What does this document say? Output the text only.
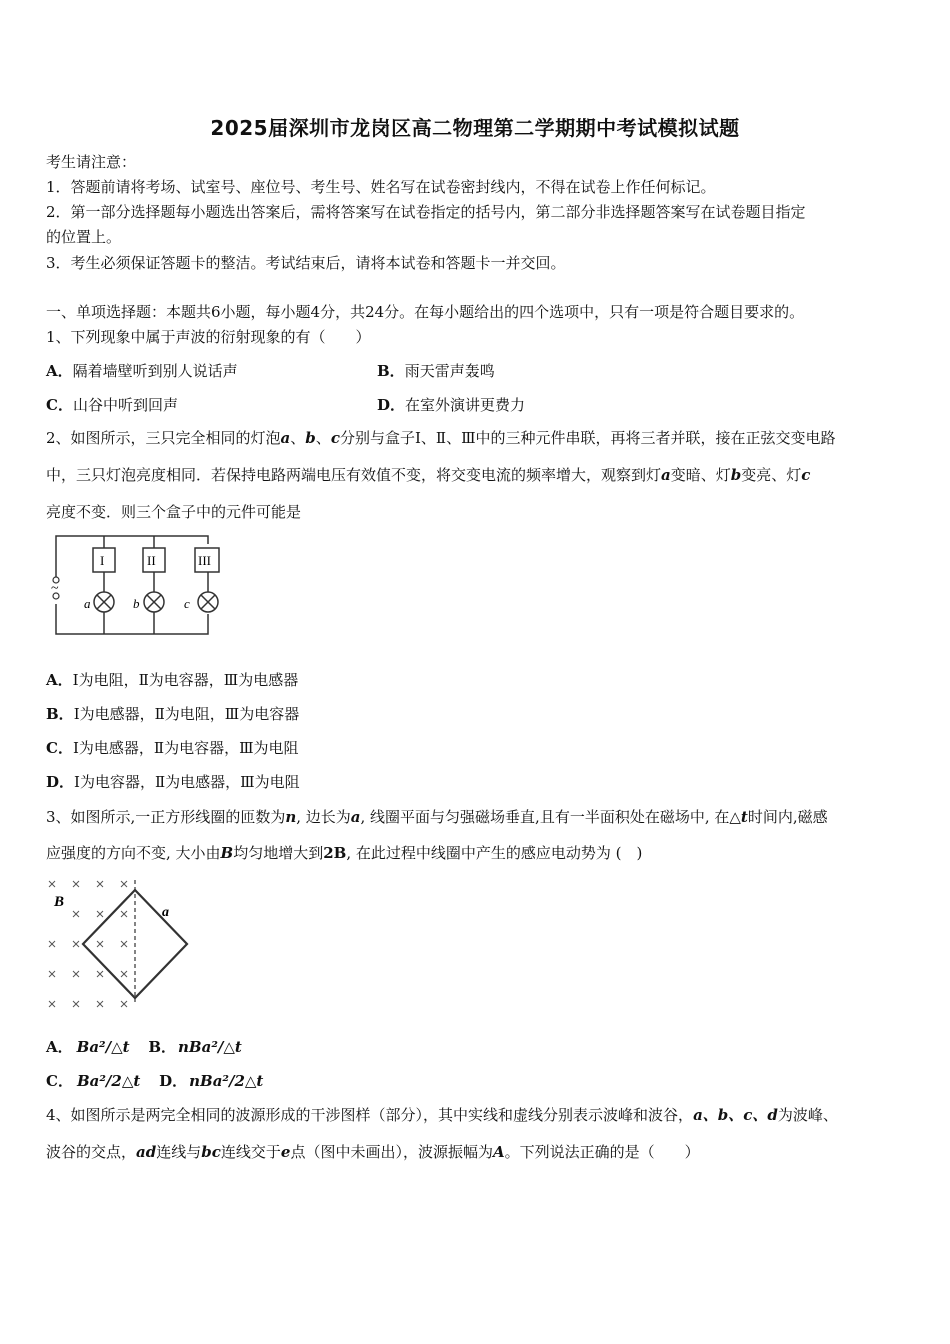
2025届深圳市龙岗区高二物理第二学期期中考试模拟试题
考生请注意：
1．答题前请将考场、试室号、座位号、考生号、姓名写在试卷密封线内，不得在试卷上作任何标记。
2．第一部分选择题每小题选出答案后，需将答案写在试卷指定的括号内，第二部分非选择题答案写在试卷题目指定
的位置上。
3．考生必须保证答题卡的整洁。考试结束后，请将本试卷和答题卡一并交回。
一、单项选择题：本题共6小题，每小题4分，共24分。在每小题给出的四个选项中，只有一项是符合题目要求的。
1、下列现象中属于声波的衍射现象的有（　　）
A．隔着墙壁听到别人说话声	B．雨天雷声轰鸣
C．山谷中听到回声	D．在室外演讲更费力
2、如图所示，三只完全相同的灯泡a、b、c分别与盒子Ⅰ、Ⅱ、Ⅲ中的三种元件串联，再将三者并联，接在正弦交变电路
中，三只灯泡亮度相同．若保持电路两端电压有效值不变，将交变电流的频率增大，观察到灯a变暗、灯b变亮、灯c
亮度不变．则三个盒子中的元件可能是
~
I	II	III
a	b	c
A．Ⅰ为电阻，Ⅱ为电容器，Ⅲ为电感器
B．Ⅰ为电感器，Ⅱ为电阻，Ⅲ为电容器
C．Ⅰ为电感器，Ⅱ为电容器，Ⅲ为电阻
D．Ⅰ为电容器，Ⅱ为电感器，Ⅲ为电阻
3、如图所示,一正方形线圈的匝数为n, 边长为a, 线圈平面与匀强磁场垂直,且有一半面积处在磁场中, 在△t时间内,磁感
应强度的方向不变, 大小由B均匀地增大到2B, 在此过程中线圈中产生的感应电动势为 (　)
B
a
A． Ba²/△t B． nBa²/△t
C． Ba²/2△t D． nBa²/2△t
4、如图所示是两完全相同的波源形成的干涉图样（部分），其中实线和虚线分别表示波峰和波谷，a、b、c、d为波峰、
波谷的交点，ad连线与bc连线交于e点（图中未画出），波源振幅为A。下列说法正确的是（　　）
